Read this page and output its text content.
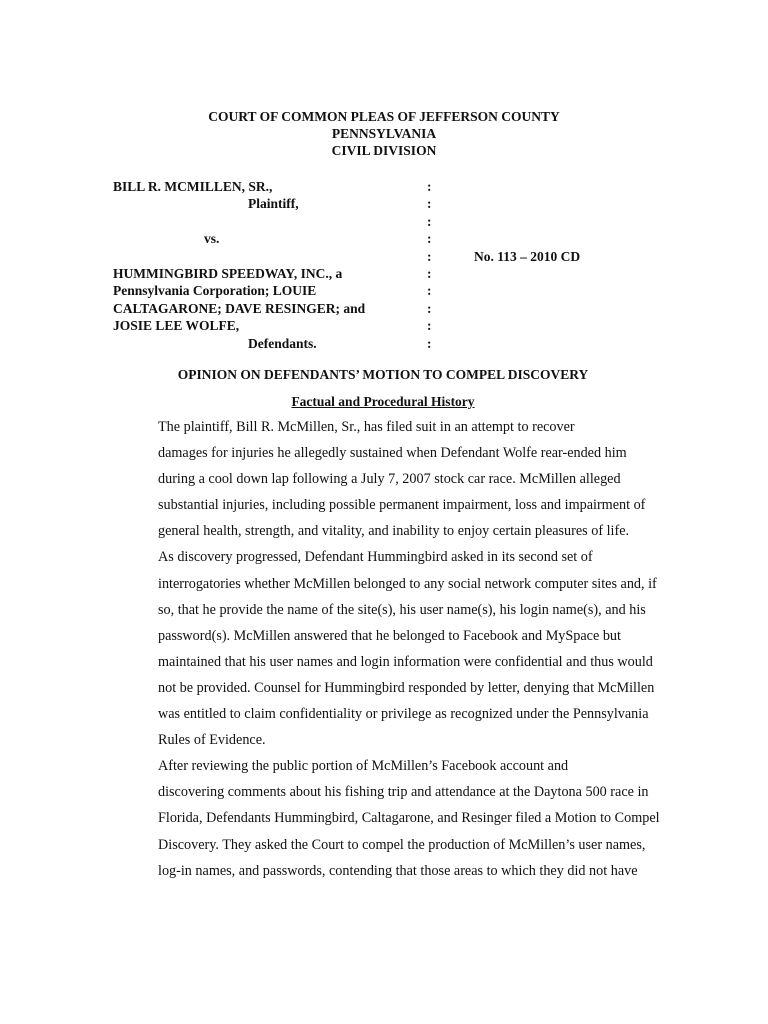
COURT OF COMMON PLEAS OF JEFFERSON COUNTY
PENNSYLVANIA
CIVIL DIVISION
BILL R. MCMILLEN, SR.,
Plaintiff,
vs.
HUMMINGBIRD SPEEDWAY, INC., a
Pennsylvania Corporation; LOUIE
CALTAGARONE; DAVE RESINGER; and
JOSIE LEE WOLFE,
Defendants.
:
:
:
:
:
:
:
:
:
:
No. 113 – 2010 CD
OPINION ON DEFENDANTS’ MOTION TO COMPEL DISCOVERY
Factual and Procedural History

The plaintiff, Bill R. McMillen, Sr., has filed suit in an attempt to recover
damages for injuries he allegedly sustained when Defendant Wolfe rear-ended him
during a cool down lap following a July 7, 2007 stock car race. McMillen alleged
substantial injuries, including possible permanent impairment, loss and impairment of
general health, strength, and vitality, and inability to enjoy certain pleasures of life.

As discovery progressed, Defendant Hummingbird asked in its second set of
interrogatories whether McMillen belonged to any social network computer sites and, if
so, that he provide the name of the site(s), his user name(s), his login name(s), and his
password(s). McMillen answered that he belonged to Facebook and MySpace but
maintained that his user names and login information were confidential and thus would
not be provided. Counsel for Hummingbird responded by letter, denying that McMillen
was entitled to claim confidentiality or privilege as recognized under the Pennsylvania
Rules of Evidence.

After reviewing the public portion of McMillen’s Facebook account and
discovering comments about his fishing trip and attendance at the Daytona 500 race in
Florida, Defendants Hummingbird, Caltagarone, and Resinger filed a Motion to Compel
Discovery. They asked the Court to compel the production of McMillen’s user names,
log-in names, and passwords, contending that those areas to which they did not have
